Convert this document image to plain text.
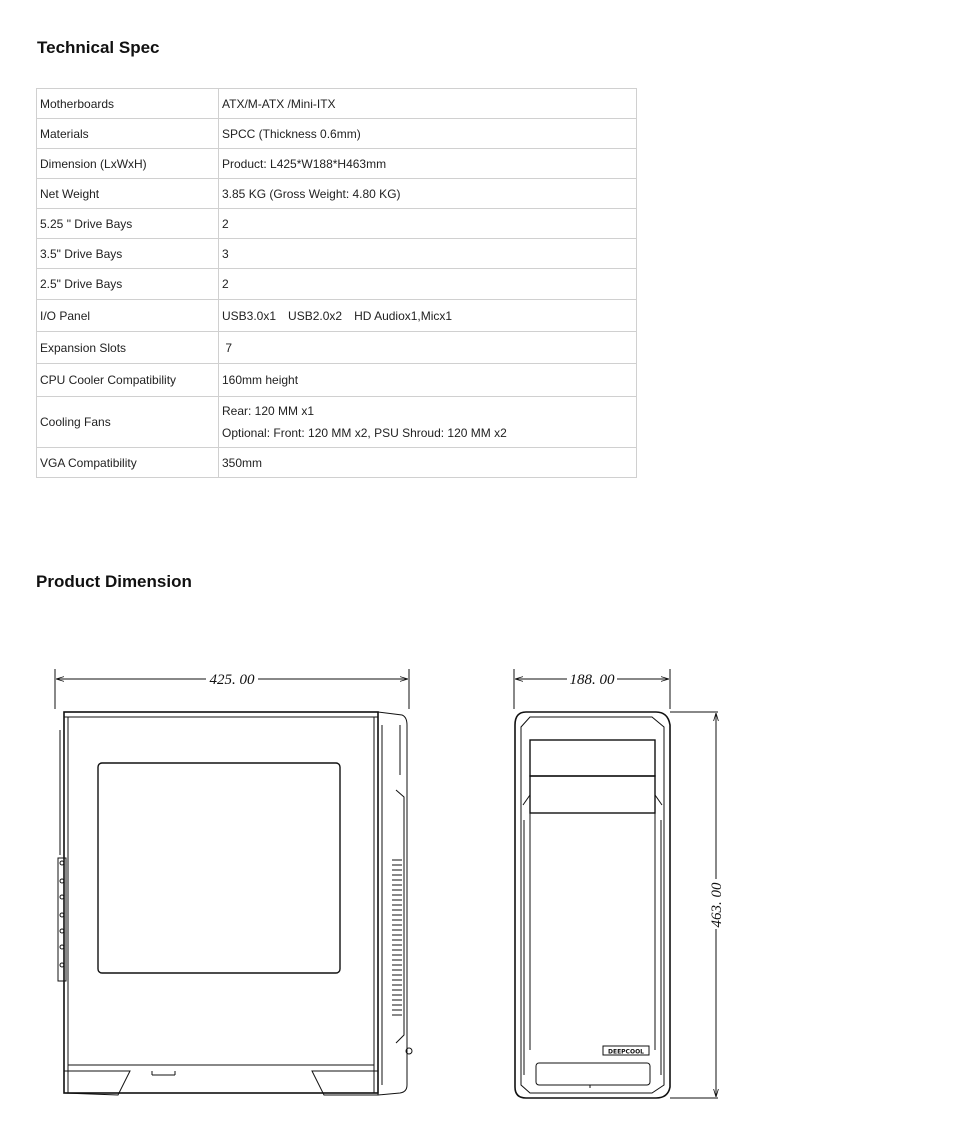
Technical Spec
Motherboards	ATX/M-ATX /Mini-ITX
Materials	SPCC (Thickness 0.6mm)
Dimension (LxWxH)	Product: L425*W188*H463mm
Net Weight	3.85 KG (Gross Weight: 4.80 KG)
5.25 " Drive Bays	2
3.5" Drive Bays	3
2.5" Drive Bays	2
I/O Panel	USB3.0x1 USB2.0x2 HD Audiox1,Micx1
Expansion Slots	7
CPU Cooler Compatibility	160mm height
Cooling Fans	Rear: 120 MM x1
Optional: Front: 120 MM x2, PSU Shroud: 120 MM x2

VGA Compatibility	350mm
Product Dimension
425. 00	188. 00
463. 00
DEEPCOOL
